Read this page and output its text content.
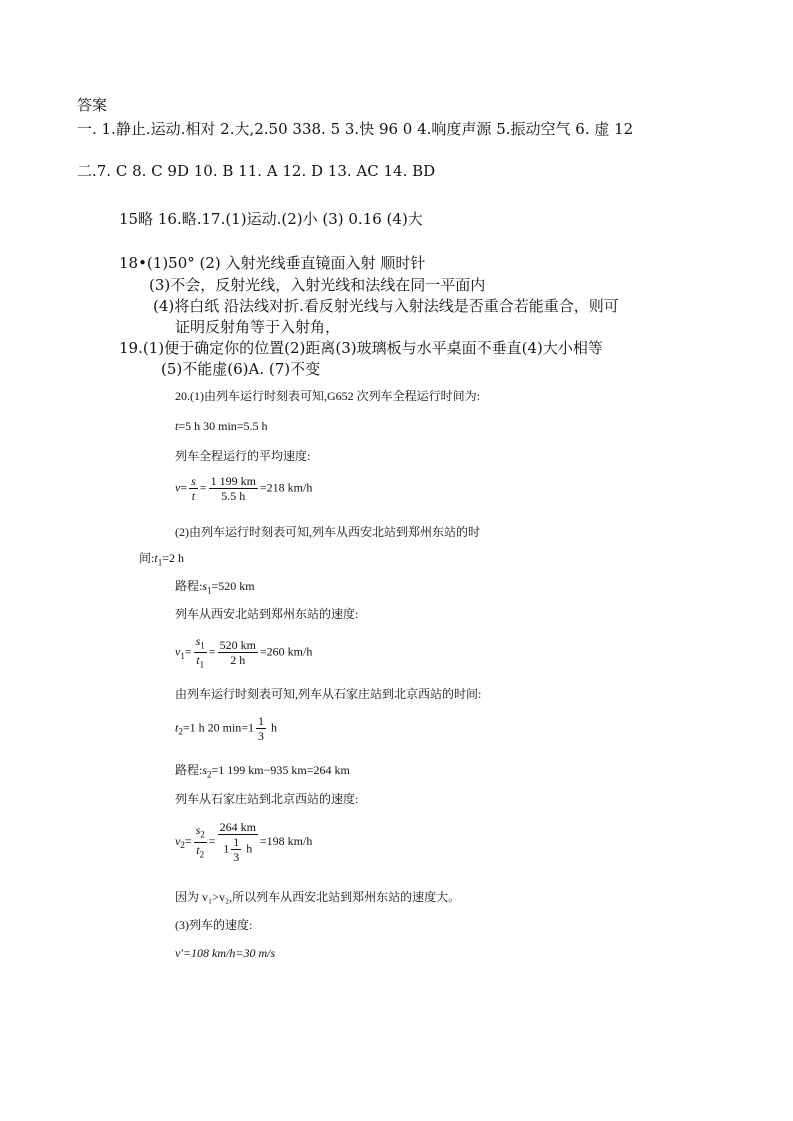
答案
一. 1.静止.运动.相对 2.大,2.50 338. 5 3.快 96 0 4.响度声源 5.振动空气 6. 虚 12
二.7. C 8. C 9D 10. B 11. A 12. D 13. AC 14. BD
15略 16.略.17.(1)运动.(2)小 (3) 0.16 (4)大
18•(1)50° (2) 入射光线垂直镜面入射 顺时针
(3)不会，反射光线，入射光线和法线在同一平面内
(4)将白纸 沿法线对折.看反射光线与入射法线是否重合若能重合，则可
证明反射角等于入射角，
19.(1)便于确定你的位置(2)距离(3)玻璃板与水平桌面不垂直(4)大小相等
(5)不能虚(6)A. (7)不变
20.(1)由列车运行时刻表可知,G652 次列车全程运行时间为:
t=5 h 30 min=5.5 h
列车全程运行的平均速度:
$v= \frac{s}{t} = \frac{1 199 km}{5.5 h} =218$ km/h
(2)由列车运行时刻表可知,列车从西安北站到郑州东站的时
间$:t_1=2$ h
路程$:s_1=520$ km
列车从西安北站到郑州东站的速度:
$v_1= \frac{s_1}{t_1} = \frac{520 km}{2 h} =260$ km/h
由列车运行时刻表可知,列车从石家庄站到北京西站的时间:
$t_2=1$ h 20 $\min=1 \frac{1}{3}$ h
路程$:s_2=1$ 199 km−935 km=264 km
列车从石家庄站到北京西站的速度:
$v_2= \frac{s_2}{t_2} = \frac{264 km}{1 \frac{1}{3} h} =198$ km/h
因为 v₁>v₂,所以列车从西安北站到郑州东站的速度大。
(3)列车的速度:
v′=108 km/h=30 m/s
